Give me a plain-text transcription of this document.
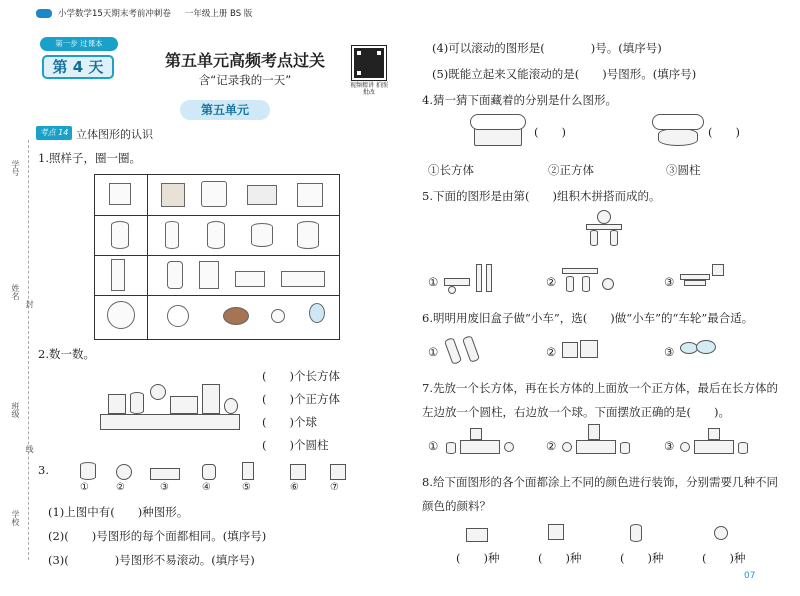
小学数学15天期末考前冲刺卷 一年级上册 BS 版
学号
姓名
班级
学校
封
线
第一步 过课本
第 4 天	第五单元高频考点过关
含“记录我的一天”	视频精讲 拍照批改
第五单元
考点 14 立体图形的认识
1.照样子，圈一圈。
2.数一数。
(　　)个长方体
(　　)个正方体
(　　)个球
(　　)个圆柱
3.
①	②	③	④	⑤	⑥	⑦
(1)上图中有(　　)种图形。
(2)(　　)号图形的每个面都相同。(填序号)
(3)(　　　　)号图形不易滚动。(填序号)
(4)可以滚动的图形是(　　　　)号。(填序号)
(5)既能立起来又能滚动的是(　　)号图形。(填序号)
4.猜一猜下面藏着的分别是什么图形。
(　　)	(　　)
①长方体	②正方体	③圆柱
5.下面的图形是由第(　　)组积木拼搭而成的。
①	②	③
6.明明用废旧盒子做“小车”，选(　　)做“小车”的“车轮”最合适。
①	②	③
7.先放一个长方体，再在长方体的上面放一个正方体，最后在长方体的左边放一个圆柱，右边放一个球。下面摆放正确的是(　　)。
①	②	③
8.给下面图形的各个面都涂上不同的颜色进行装饰，分别需要几种不同颜色的颜料？
(　　)种	(　　)种	(　　)种	(　　)种
07
